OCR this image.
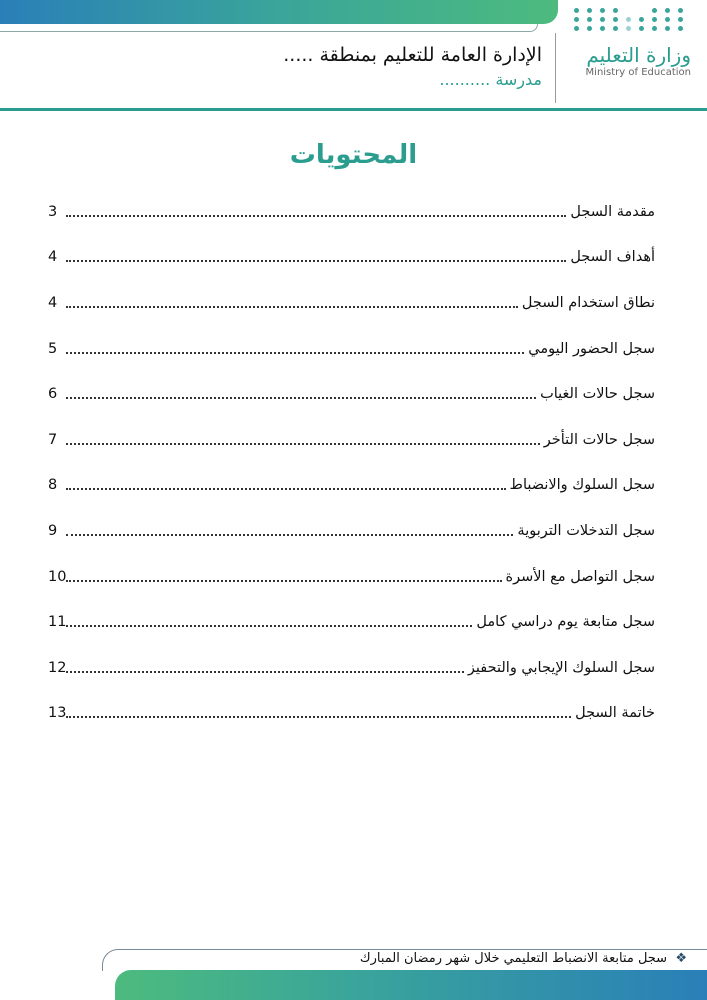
وزارة التعليم
Ministry of Education
الإدارة العامة للتعليم بمنطقة .....
مدرسة ..........
المحتويات
مقدمة السجل
3
أهداف السجل
4
نطاق استخدام السجل
4
سجل الحضور اليومي
5
سجل حالات الغياب
6
سجل حالات التأخر
7
سجل السلوك والانضباط
8
سجل التدخلات التربوية
9
سجل التواصل مع الأسرة
10
سجل متابعة يوم دراسي كامل
11
سجل السلوك الإيجابي والتحفيز
12
خاتمة السجل
13
❖  سجل متابعة الانضباط التعليمي خلال شهر رمضان المبارك
